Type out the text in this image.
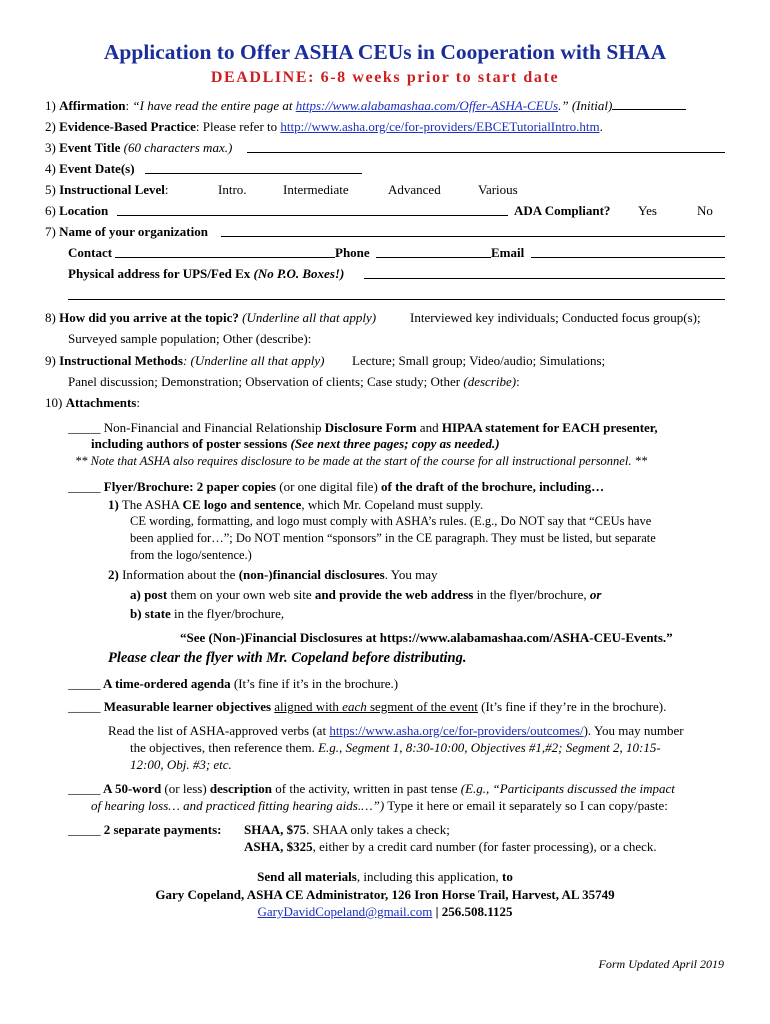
Application to Offer ASHA CEUs in Cooperation with SHAA
DEADLINE: 6-8 weeks prior to start date
1) Affirmation: “I have read the entire page at https://www.alabamashaa.com/Offer-ASHA-CEUs.” (Initial)
2) Evidence-Based Practice: Please refer to http://www.asha.org/ce/for-providers/EBCETutorialIntro.htm.
3) Event Title (60 characters max.)
4) Event Date(s)
5) Instructional Level:	Intro.	Intermediate	Advanced	Various
6) Location	ADA Compliant? Yes	No
7) Name of your organization
Contact	Phone	Email
Physical address for UPS/Fed Ex (No P.O. Boxes!)
8) How did you arrive at the topic? (Underline all that apply)	Interviewed key individuals; Conducted focus group(s);
Surveyed sample population; Other (describe):
9) Instructional Methods: (Underline all that apply) Lecture; Small group; Video/audio; Simulations;
Panel discussion; Demonstration; Observation of clients; Case study; Other (describe):
10) Attachments:
_____ Non-Financial and Financial Relationship Disclosure Form and HIPAA statement for EACH presenter,
including authors of poster sessions (See next three pages; copy as needed.)
** Note that ASHA also requires disclosure to be made at the start of the course for all instructional personnel. **
_____ Flyer/Brochure: 2 paper copies (or one digital file) of the draft of the brochure, including…
1) The ASHA CE logo and sentence, which Mr. Copeland must supply.
CE wording, formatting, and logo must comply with ASHA’s rules. (E.g., Do NOT say that “CEUs have
been applied for…”; Do NOT mention “sponsors” in the CE paragraph. They must be listed, but separate
from the logo/sentence.)
2) Information about the (non-)financial disclosures. You may
a) post them on your own web site and provide the web address in the flyer/brochure, or
b) state in the flyer/brochure,
“See (Non-)Financial Disclosures at https://www.alabamashaa.com/ASHA-CEU-Events.”
Please clear the flyer with Mr. Copeland before distributing.
_____ A time-ordered agenda (It’s fine if it’s in the brochure.)
_____ Measurable learner objectives aligned with each segment of the event (It’s fine if they’re in the brochure).
Read the list of ASHA-approved verbs (at https://www.asha.org/ce/for-providers/outcomes/). You may number
the objectives, then reference them. E.g., Segment 1, 8:30-10:00, Objectives #1,#2; Segment 2, 10:15-
12:00, Obj. #3; etc.
_____ A 50-word (or less) description of the activity, written in past tense (E.g., “Participants discussed the impact
of hearing loss… and practiced fitting hearing aids.…”) Type it here or email it separately so I can copy/paste:
_____ 2 separate payments: SHAA, $75. SHAA only takes a check;
ASHA, $325, either by a credit card number (for faster processing), or a check.
Send all materials, including this application, to
Gary Copeland, ASHA CE Administrator, 126 Iron Horse Trail, Harvest, AL 35749
GaryDavidCopeland@gmail.com | 256.508.1125
Form Updated April 2019
